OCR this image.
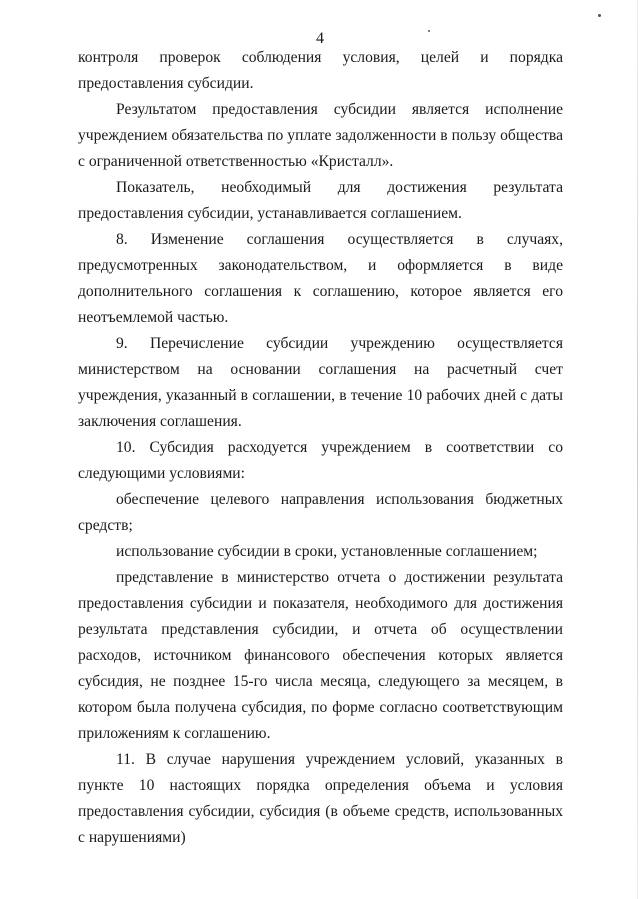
4

контроля проверок соблюдения условия, целей и порядка предоставления субсидии.

Результатом предоставления субсидии является исполнение учреждением обязательства по уплате задолженности в пользу общества с ограниченной ответственностью «Кристалл».

Показатель, необходимый для достижения результата предоставления субсидии, устанавливается соглашением.

8. Изменение соглашения осуществляется в случаях, предусмотренных законодательством, и оформляется в виде дополнительного соглашения к соглашению, которое является его неотъемлемой частью.

9. Перечисление субсидии учреждению осуществляется министерством на основании соглашения на расчетный счет учреждения, указанный в соглашении, в течение 10 рабочих дней с даты заключения соглашения.

10. Субсидия расходуется учреждением в соответствии со следующими условиями:

обеспечение целевого направления использования бюджетных средств;

использование субсидии в сроки, установленные соглашением;

представление в министерство отчета о достижении результата предоставления субсидии и показателя, необходимого для достижения результата представления субсидии, и отчета об осуществлении расходов, источником финансового обеспечения которых является субсидия, не позднее 15-го числа месяца, следующего за месяцем, в котором была получена субсидия, по форме согласно соответствующим приложениям к соглашению.

11. В случае нарушения учреждением условий, указанных в пункте 10 настоящих порядка определения объема и условия предоставления субсидии, субсидия (в объеме средств, использованных с нарушениями)
